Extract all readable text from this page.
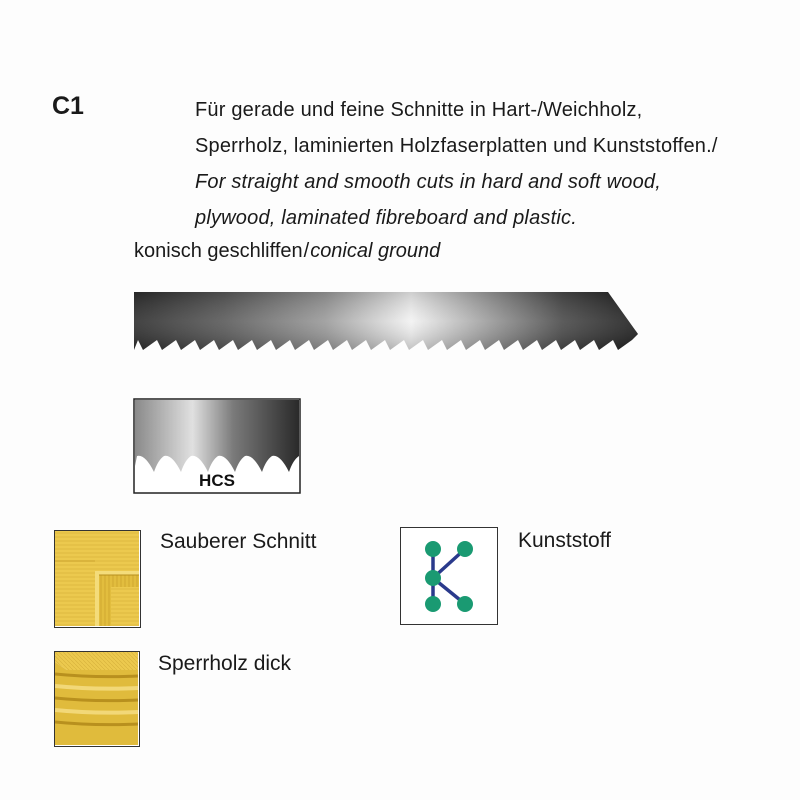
C1	Für gerade und feine Schnitte in Hart-/Weichholz,
Sperrholz, laminierten Holzfaserplatten und Kunststoffen./
For straight and smooth cuts in hard and soft wood,
plywood, laminated fibreboard and plastic.
konisch geschliffen/conical ground
HCS
Sauberer Schnitt	Kunststoff
Sperrholz dick
